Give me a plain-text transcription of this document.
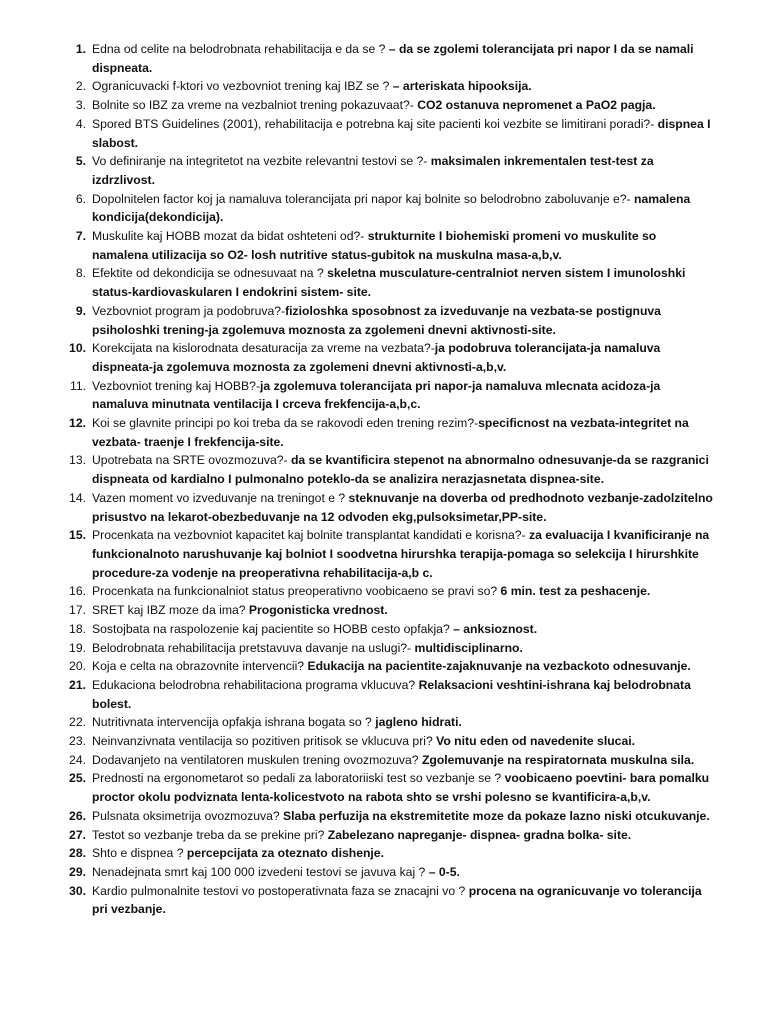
1. Edna od celite na belodrobnata rehabilitacija e da se ? – da se zgolemi tolerancijata pri napor I da se namali dispneata.
2. Ogranicuvacki f-ktori vo vezbovniot trening kaj IBZ se ? – arteriskata hipooksija.
3. Bolnite so IBZ za vreme na vezbalniot trening pokazuvaat?- CO2 ostanuva nepromenet a PaO2 pagja.
4. Spored BTS Guidelines (2001), rehabilitacija e potrebna kaj site pacienti koi vezbite se limitirani poradi?- dispnea I slabost.
5. Vo definiranje na integritetot na vezbite relevantni testovi se ?- maksimalen inkrementalen test-test za izdrzlivost.
6. Dopolnitelen factor koj ja namaluva tolerancijata pri napor kaj bolnite so belodrobno zaboluvanje e?- namalena kondicija(dekondicija).
7. Muskulite kaj HOBB mozat da bidat oshteteni od?- strukturnite I biohemiski promeni vo muskulite so namalena utilizacija so O2- losh nutritive status-gubitok na muskulna masa-a,b,v.
8. Efektite od dekondicija se odnesuvaat na ? skeletna musculature-centralniot nerven sistem I imunoloshki status-kardiovaskularen I endokrini sistem- site.
9. Vezbovniot program ja podobruva?-fizioloshka sposobnost za izveduvanje na vezbata-se postignuva psiholoshki trening-ja zgolemuva moznosta za zgolemeni dnevni aktivnosti-site.
10. Korekcijata na kislorodnata desaturacija za vreme na vezbata?-ja podobruva tolerancijata-ja namaluva dispneata-ja zgolemuva moznosta za zgolemeni dnevni aktivnosti-a,b,v.
11. Vezbovniot trening kaj HOBB?-ja zgolemuva tolerancijata pri napor-ja namaluva mlecnata acidoza-ja namaluva minutnata ventilacija I crceva frekfencija-a,b,c.
12. Koi se glavnite principi po koi treba da se rakovodi eden trening rezim?-specificnost na vezbata-integritet na vezbata- traenje I frekfencija-site.
13. Upotrebata na SRTE ovozmozuva?- da se kvantificira stepenot na abnormalno odnesuvanje-da se razgranici dispneata od kardialno I pulmonalno poteklo-da se analizira nerazjasnetata dispnea-site.
14. Vazen moment vo izveduvanje na treningot e ? steknuvanje na doverba od predhodnoto vezbanje-zadolzitelno prisustvo na lekarot-obezbeduvanje na 12 odvoden ekg,pulsoksimetar,PP-site.
15. Procenkata na vezbovniot kapacitet kaj bolnite transplantat kandidati e korisna?- za evaluacija I kvanificiranje na funkcionalnoto narushuvanje kaj bolniot I soodvetna hirurshka terapija-pomaga so selekcija I hirurshkite procedure-za vodenje na preoperativna rehabilitacija-a,b c.
16. Procenkata na funkcionalniot status preoperativno voobicaeno se pravi so? 6 min. test za peshacenje.
17. SRET kaj IBZ moze da ima? Progonisticka vrednost.
18. Sostojbata na raspolozenie kaj pacientite so HOBB cesto opfakja? – anksioznost.
19. Belodrobnata rehabilitacija pretstavuva davanje na uslugi?- multidisciplinarno.
20. Koja e celta na obrazovnite intervencii? Edukacija na pacientite-zajaknuvanje na vezbackoto odnesuvanje.
21. Edukaciona belodrobna rehabilitaciona programa vklucuva? Relaksacioni veshtini-ishrana kaj belodrobnata bolest.
22. Nutritivnata intervencija opfakja ishrana bogata so ? jagleno hidrati.
23. Neinvanzivnata ventilacija so pozitiven pritisok se vklucuva pri? Vo nitu eden od navedenite slucai.
24. Dodavanjeto na ventilatoren muskulen trening ovozmozuva? Zgolemuvanje na respiratornata muskulna sila.
25. Prednosti na ergonometarot so pedali za laboratoriiski test so vezbanje se ? voobicaeno poevtini- bara pomalku proctor okolu podviznata lenta-kolicestvoto na rabota shto se vrshi polesno se kvantificira-a,b,v.
26. Pulsnata oksimetrija ovozmozuva? Slaba perfuzija na ekstremitetite moze da pokaze lazno niski otcukuvanje.
27. Testot so vezbanje treba da se prekine pri? Zabelezano napreganje- dispnea- gradna bolka- site.
28. Shto e dispnea ? percepcijata za oteznato dishenje.
29. Nenadejnata smrt kaj 100 000 izvedeni testovi se javuva kaj ? – 0-5.
30. Kardio pulmonalnite testovi vo postoperativnata faza se znacajni vo ? procena na ogranicuvanje vo tolerancija pri vezbanje.
